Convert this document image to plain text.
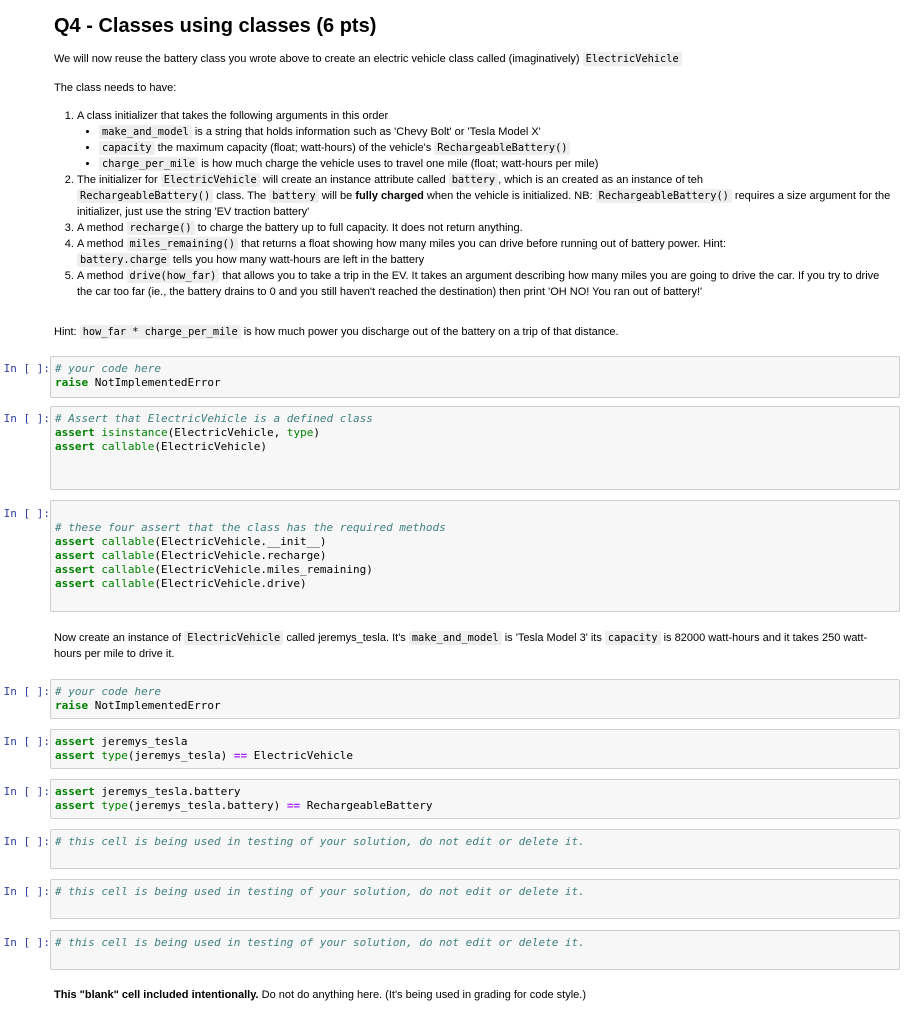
Q4 - Classes using classes (6 pts)

We will now reuse the battery class you wrote above to create an electric vehicle class called (imaginatively) ElectricVehicle

The class needs to have:

1. A class initializer that takes the following arguments in this order
• make_and_model is a string that holds information such as 'Chevy Bolt' or 'Tesla Model X'
• capacity the maximum capacity (float; watt-hours) of the vehicle's RechargeableBattery()
• charge_per_mile is how much charge the vehicle uses to travel one mile (float; watt-hours per mile)
2. The initializer for ElectricVehicle will create an instance attribute called battery , which is an created as an instance of teh
RechargeableBattery() class. The battery will be fully charged when the vehicle is initialized. NB: RechargeableBattery() requires a size argument for the initializer, just use the string 'EV traction battery'
3. A method recharge() to charge the battery up to full capacity. It does not return anything.
4. A method miles_remaining() that returns a float showing how many miles you can drive before running out of battery power. Hint:
battery.charge tells you how many watt-hours are left in the battery
5. A method drive(how_far) that allows you to take a trip in the EV. It takes an argument describing how many miles you are going to drive the car. If you try to drive the car too far (ie., the battery drains to 0 and you still haven't reached the destination) then print 'OH NO! You ran out of battery!'

Hint: how_far * charge_per_mile is how much power you discharge out of the battery on a trip of that distance.

In [ ]: # your code here
raise NotImplementedError
In [ ]: # Assert that ElectricVehicle is a defined class
assert isinstance(ElectricVehicle, type)
assert callable(ElectricVehicle)
In [ ]:
# these four assert that the class has the required methods
assert callable(ElectricVehicle.__init__)
assert callable(ElectricVehicle.recharge)
assert callable(ElectricVehicle.miles_remaining)
assert callable(ElectricVehicle.drive)

Now create an instance of ElectricVehicle called jeremys_tesla. It's make_and_model is 'Tesla Model 3' its capacity is 82000 watt-hours and it takes 250 watt-hours per mile to drive it.

In [ ]: # your code here
raise NotImplementedError
In [ ]: assert jeremys_tesla
assert type(jeremys_tesla) == ElectricVehicle
In [ ]: assert jeremys_tesla.battery
assert type(jeremys_tesla.battery) == RechargeableBattery
In [ ]: # this cell is being used in testing of your solution, do not edit or delete it.
In [ ]: # this cell is being used in testing of your solution, do not edit or delete it.
In [ ]: # this cell is being used in testing of your solution, do not edit or delete it.

This "blank" cell included intentionally. Do not do anything here. (It's being used in grading for code style.)
